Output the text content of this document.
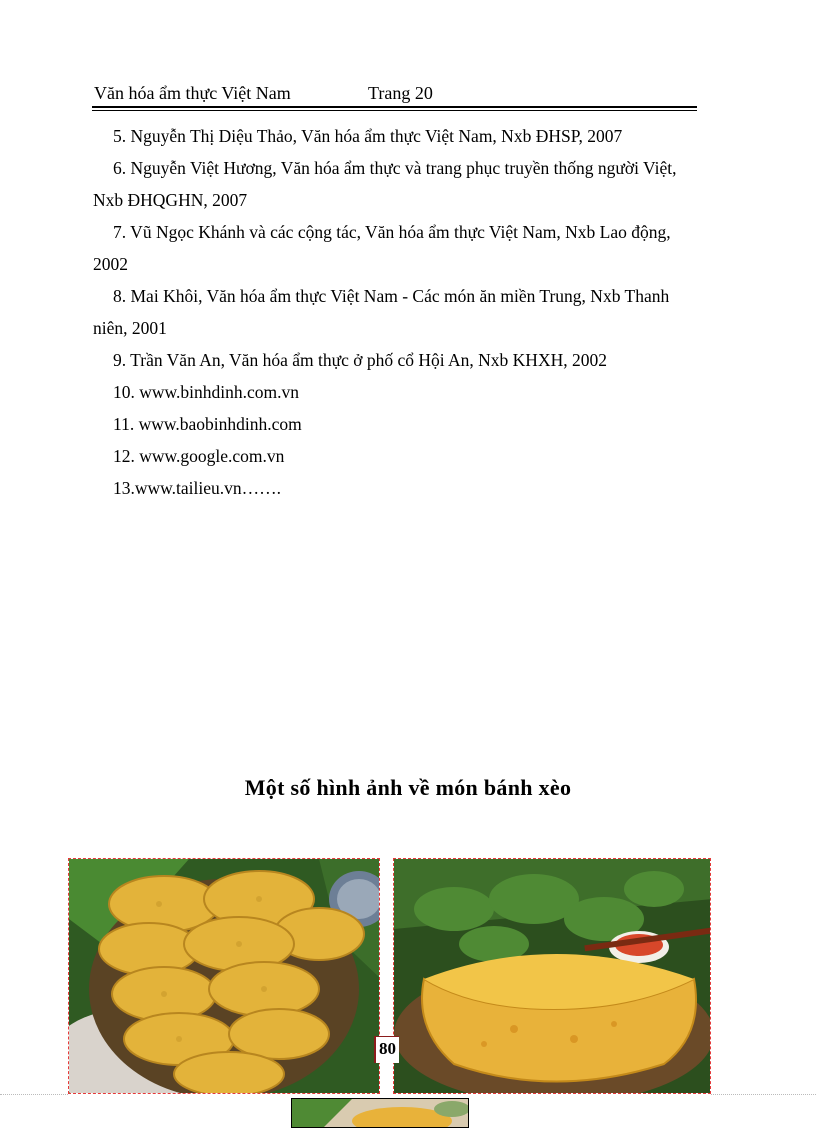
Văn hóa ẩm thực Việt Nam	Trang 20

5. Nguyễn Thị Diệu Thảo, Văn hóa ẩm thực Việt Nam, Nxb ĐHSP, 2007

6. Nguyễn Việt Hương, Văn hóa ẩm thực và trang phục truyền thống người Việt, Nxb ĐHQGHN, 2007

7. Vũ Ngọc Khánh và các cộng tác, Văn hóa ẩm thực Việt Nam, Nxb Lao động, 2002

8. Mai Khôi, Văn hóa ẩm thực Việt Nam - Các món ăn miền Trung, Nxb Thanh niên, 2001

9. Trần Văn An, Văn hóa ẩm thực ở phố cổ Hội An, Nxb KHXH, 2002

10. www.binhdinh.com.vn

11. www.baobinhdinh.com

12. www.google.com.vn

13.www.tailieu.vn…….

Một số hình ảnh về món bánh xèo
80
